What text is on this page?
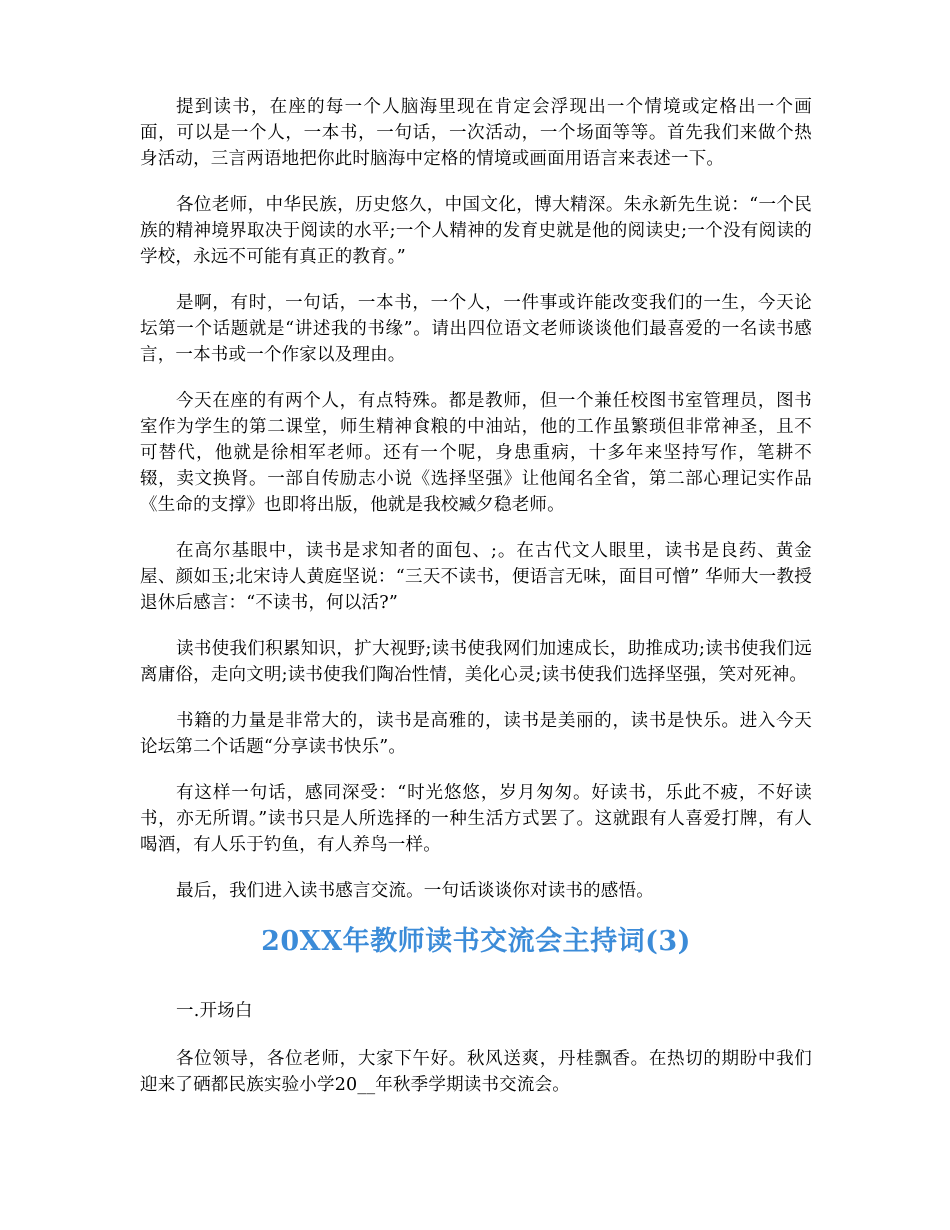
提到读书，在座的每一个人脑海里现在肯定会浮现出一个情境或定格出一个画面，可以是一个人，一本书，一句话，一次活动，一个场面等等。首先我们来做个热身活动，三言两语地把你此时脑海中定格的情境或画面用语言来表述一下。

各位老师，中华民族，历史悠久，中国文化，博大精深。朱永新先生说：“一个民族的精神境界取决于阅读的水平;一个人精神的发育史就是他的阅读史;一个没有阅读的学校，永远不可能有真正的教育。”

是啊，有时，一句话，一本书，一个人，一件事或许能改变我们的一生，今天论坛第一个话题就是“讲述我的书缘”。请出四位语文老师谈谈他们最喜爱的一名读书感言，一本书或一个作家以及理由。

今天在座的有两个人，有点特殊。都是教师，但一个兼任校图书室管理员，图书室作为学生的第二课堂，师生精神食粮的中油站，他的工作虽繁琐但非常神圣，且不可替代，他就是徐相军老师。还有一个呢，身患重病，十多年来坚持写作，笔耕不辍，卖文换肾。一部自传励志小说《选择坚强》让他闻名全省，第二部心理记实作品《生命的支撑》也即将出版，他就是我校臧夕稳老师。

在高尔基眼中，读书是求知者的面包、;。在古代文人眼里，读书是良药、黄金屋、颜如玉;北宋诗人黄庭坚说：“三天不读书，便语言无味，面目可憎” 华师大一教授退休后感言：“不读书，何以活?”

读书使我们积累知识，扩大视野;读书使我网们加速成长，助推成功;读书使我们远离庸俗，走向文明;读书使我们陶冶性情，美化心灵;读书使我们选择坚强，笑对死神。

书籍的力量是非常大的，读书是高雅的，读书是美丽的，读书是快乐。进入今天论坛第二个话题“分享读书快乐”。

有这样一句话，感同深受：“时光悠悠，岁月匆匆。好读书，乐此不疲，不好读书，亦无所谓。”读书只是人所选择的一种生活方式罢了。这就跟有人喜爱打牌，有人喝酒，有人乐于钓鱼，有人养鸟一样。

最后，我们进入读书感言交流。一句话谈谈你对读书的感悟。

20XX年教师读书交流会主持词(3)

一.开场白

各位领导，各位老师，大家下午好。秋风送爽，丹桂飘香。在热切的期盼中我们迎来了硒都民族实验小学20__年秋季学期读书交流会。
